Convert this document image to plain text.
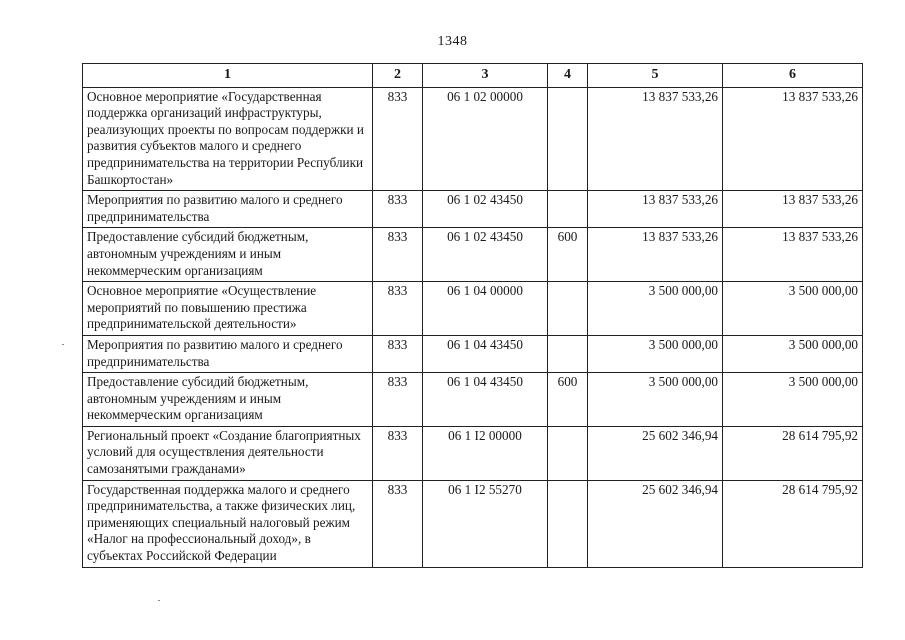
1348
1	2	3	4	5	6
Основное мероприятие «Государственная поддержка организаций инфраструктуры, реализующих проекты по вопросам поддержки и развития субъектов малого и среднего предпринимательства на территории Республики Башкортостан»	833	06 1 02 00000		13 837 533,26	13 837 533,26
Мероприятия по развитию малого и среднего предпринимательства	833	06 1 02 43450		13 837 533,26	13 837 533,26
Предоставление субсидий бюджетным, автономным учреждениям и иным некоммерческим организациям	833	06 1 02 43450	600	13 837 533,26	13 837 533,26
Основное мероприятие «Осуществление мероприятий по повышению престижа предпринимательской деятельности»	833	06 1 04 00000		3 500 000,00	3 500 000,00
Мероприятия по развитию малого и среднего предпринимательства	833	06 1 04 43450		3 500 000,00	3 500 000,00
Предоставление субсидий бюджетным, автономным учреждениям и иным некоммерческим организациям	833	06 1 04 43450	600	3 500 000,00	3 500 000,00
Региональный проект «Создание благоприятных условий для осуществления деятельности самозанятыми гражданами»	833	06 1 I2 00000		25 602 346,94	28 614 795,92
Государственная поддержка малого и среднего предпринимательства, а также физических лиц, применяющих специальный налоговый режим «Налог на профессиональный доход», в субъектах Российской Федерации	833	06 1 I2 55270		25 602 346,94	28 614 795,92
